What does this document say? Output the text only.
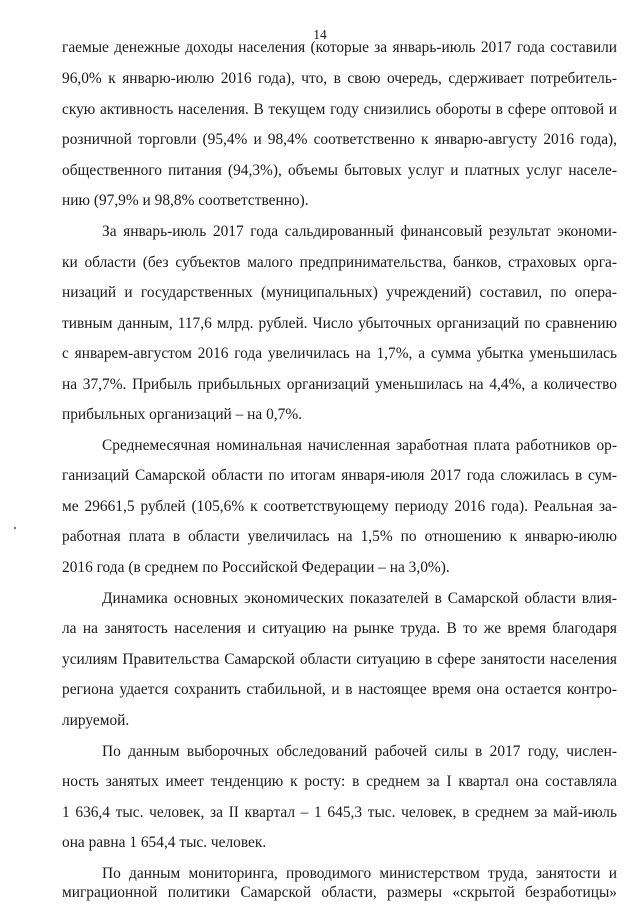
14
гаемые денежные доходы населения (которые за январь-июль 2017 года составили
96,0% к январю-июлю 2016 года), что, в свою очередь, сдерживает потребитель-
скую активность населения. В текущем году снизились обороты в сфере оптовой и
розничной торговли (95,4% и 98,4% соответственно к январю-августу 2016 года),
общественного питания (94,3%), объемы бытовых услуг и платных услуг населе-
нию (97,9% и 98,8% соответственно).
За январь-июль 2017 года сальдированный финансовый результат экономи-
ки области (без субъектов малого предпринимательства, банков, страховых орга-
низаций и государственных (муниципальных) учреждений) составил, по опера-
тивным данным, 117,6 млрд. рублей. Число убыточных организаций по сравнению
с январем-августом 2016 года увеличилась на 1,7%, а сумма убытка уменьшилась
на 37,7%. Прибыль прибыльных организаций уменьшилась на 4,4%, а количество
прибыльных организаций – на 0,7%.
Среднемесячная номинальная начисленная заработная плата работников ор-
ганизаций Самарской области по итогам января-июля 2017 года сложилась в сум-
ме 29661,5 рублей (105,6% к соответствующему периоду 2016 года). Реальная за-
работная плата в области увеличилась на 1,5% по отношению к январю-июлю
2016 года (в среднем по Российской Федерации – на 3,0%).
Динамика основных экономических показателей в Самарской области влия-
ла на занятость населения и ситуацию на рынке труда. В то же время благодаря
усилиям Правительства Самарской области ситуацию в сфере занятости населения
региона удается сохранить стабильной, и в настоящее время она остается контро-
лируемой.
По данным выборочных обследований рабочей силы в 2017 году, числен-
ность занятых имеет тенденцию к росту: в среднем за I квартал она составляла
1 636,4 тыс. человек, за II квартал – 1 645,3 тыс. человек, в среднем за май-июль
она равна 1 654,4 тыс. человек.
По данным мониторинга, проводимого министерством труда, занятости и
миграционной политики Самарской области, размеры «скрытой безработицы»
